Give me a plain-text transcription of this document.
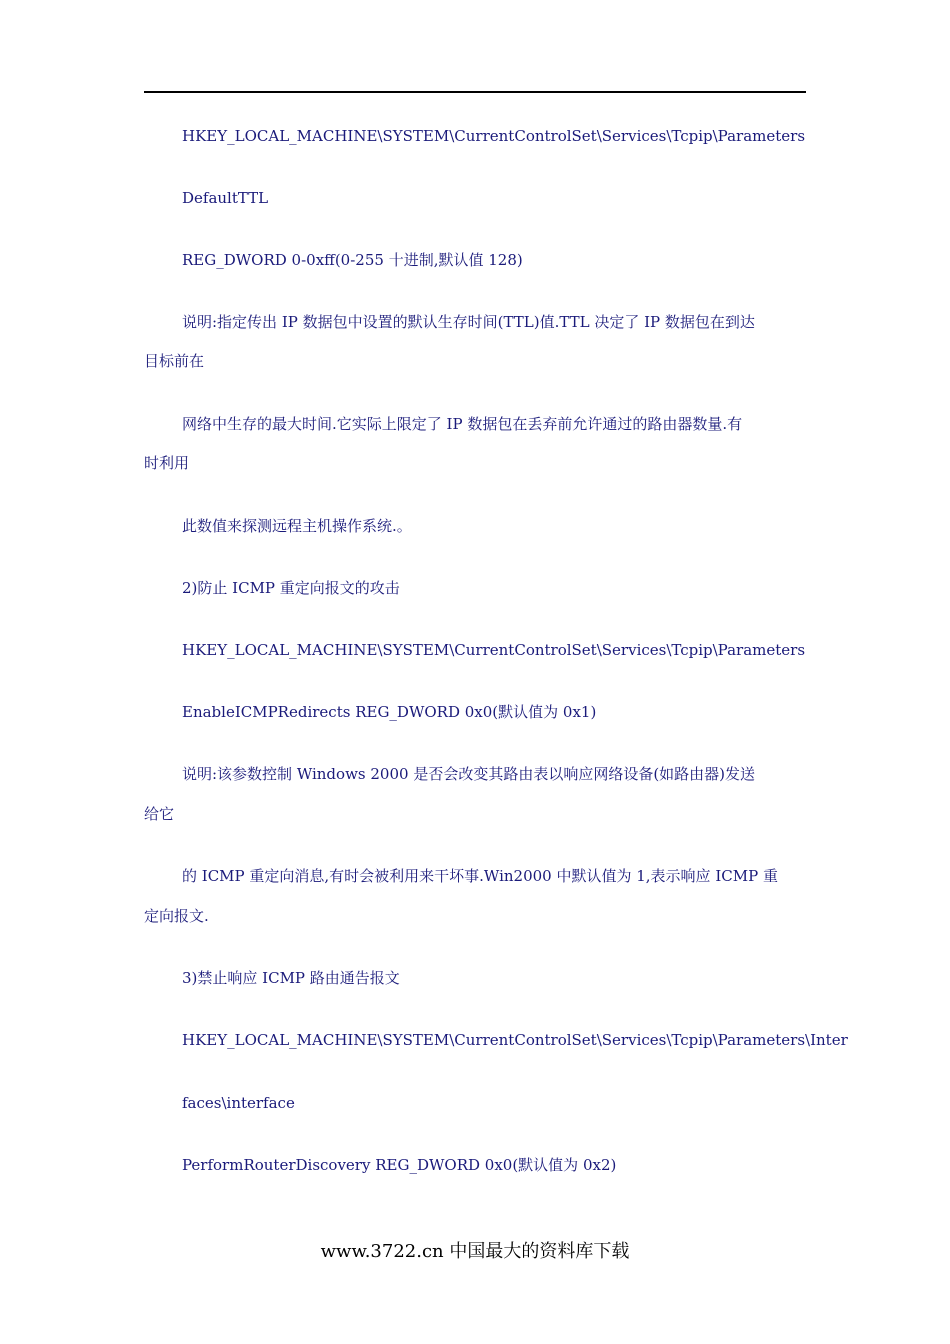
HKEY_LOCAL_MACHINE\SYSTEM\CurrentControlSet\Services\Tcpip\Parameters

DefaultTTL

REG_DWORD 0-0xff(0-255 十进制,默认值 128)

说明:指定传出 IP 数据包中设置的默认生存时间(TTL)值.TTL 决定了 IP 数据包在到达

目标前在

网络中生存的最大时间.它实际上限定了 IP 数据包在丢弃前允许通过的路由器数量.有

时利用

此数值来探测远程主机操作系统.。

2)防止 ICMP 重定向报文的攻击

HKEY_LOCAL_MACHINE\SYSTEM\CurrentControlSet\Services\Tcpip\Parameters

EnableICMPRedirects REG_DWORD 0x0(默认值为 0x1)

说明:该参数控制 Windows 2000 是否会改变其路由表以响应网络设备(如路由器)发送

给它

的 ICMP 重定向消息,有时会被利用来干坏事.Win2000 中默认值为 1,表示响应 ICMP 重

定向报文.

3)禁止响应 ICMP 路由通告报文

HKEY_LOCAL_MACHINE\SYSTEM\CurrentControlSet\Services\Tcpip\Parameters\Inter

faces\interface

PerformRouterDiscovery REG_DWORD 0x0(默认值为 0x2)

www.3722.cn 中国最大的资料库下载
